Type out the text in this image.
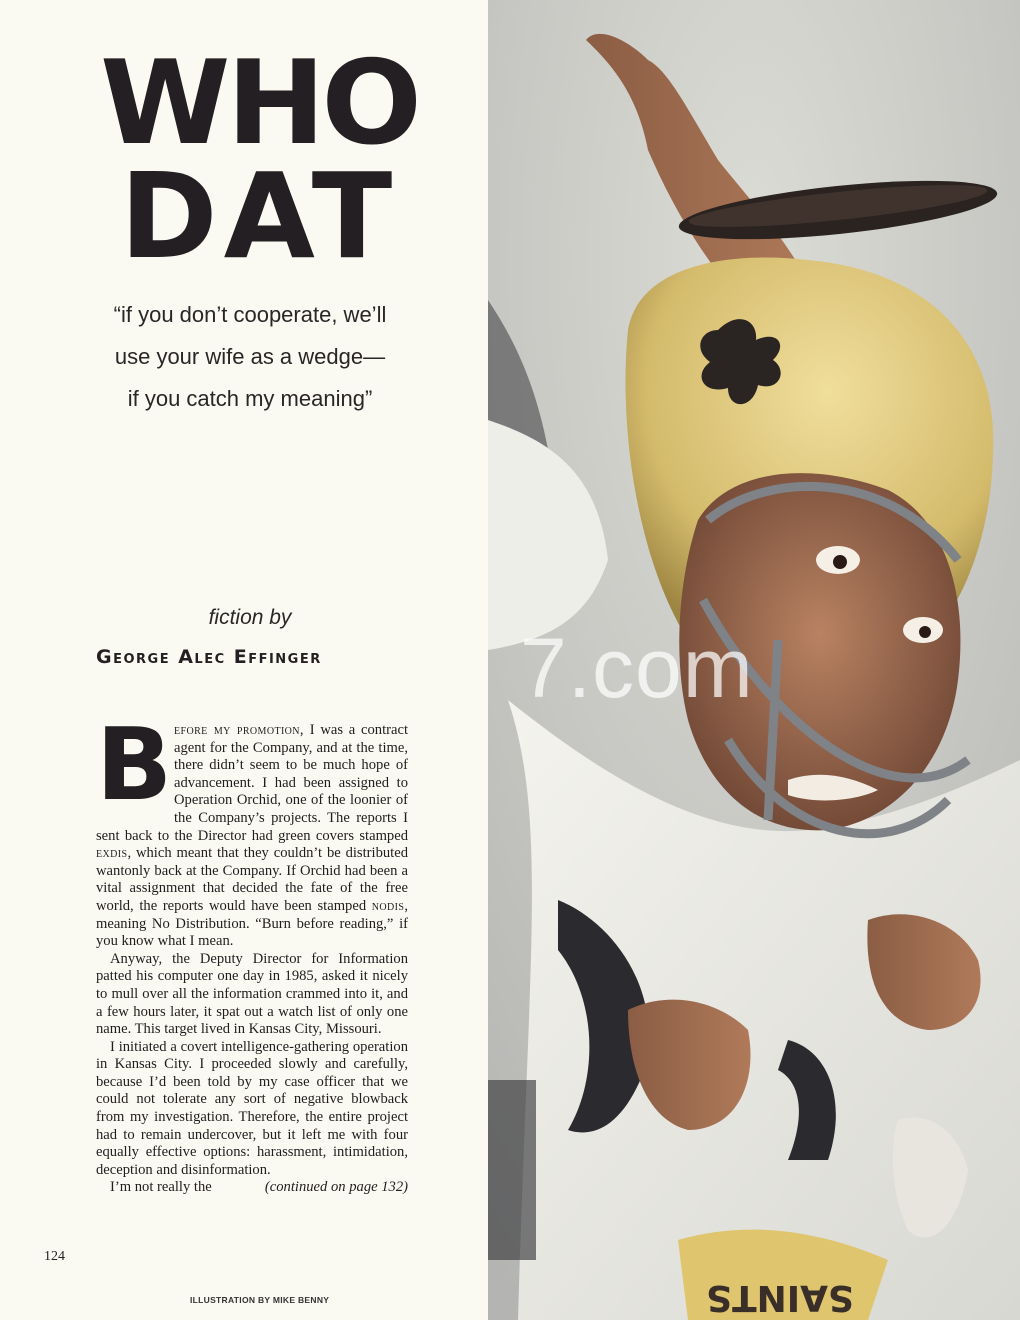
WHO
DAT
“if you don’t cooperate, we’ll
use your wife as a wedge—
if you catch my meaning”
fiction by
George Alec Effinger

Before my promotion, I was a contract agent for the Company, and at the time, there didn’t seem to be much hope of advancement. I had been assigned to Operation Orchid, one of the loonier of the Company’s projects. The reports I sent back to the Director had green covers stamped exdis, which meant that they couldn’t be distributed wantonly back at the Company. If Orchid had been a vital assignment that decided the fate of the free world, the reports would have been stamped nodis, meaning No Distribution. “Burn before reading,” if you know what I mean.

Anyway, the Deputy Director for Information patted his computer one day in 1985, asked it nicely to mull over all the information crammed into it, and a few hours later, it spat out a watch list of only one name. This target lived in Kansas City, Missouri.

I initiated a covert intelligence-gathering operation in Kansas City. I proceeded slowly and carefully, because I’d been told by my case officer that we could not tolerate any sort of negative blowback from my investigation. Therefore, the entire project had to remain undercover, but it left me with four equally effective options: harassment, intimidation, deception and disinformation.

I’m not really the	(continued on page 132)

124
ILLUSTRATION BY MIKE BENNY	SAINTS
7.com
